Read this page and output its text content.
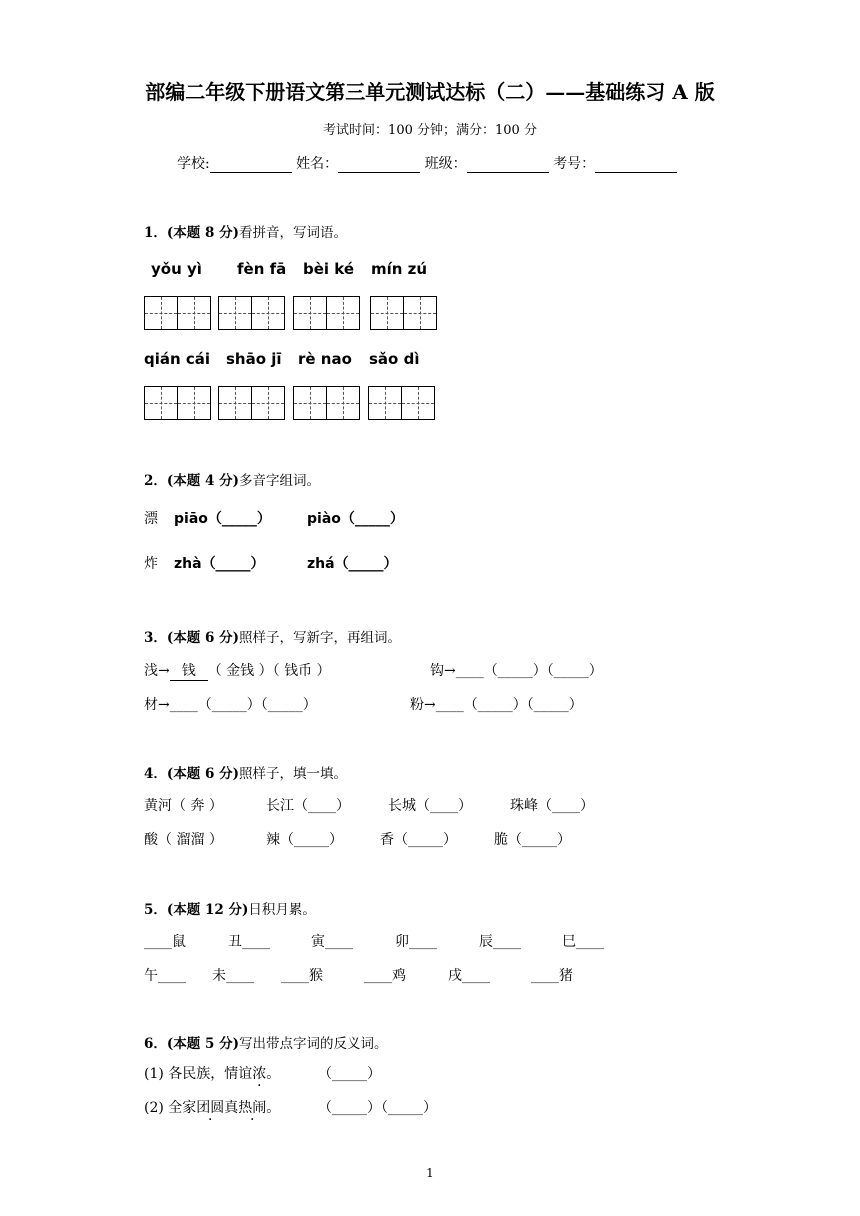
部编二年级下册语文第三单元测试达标（二）——基础练习 A 版
考试时间：100 分钟；满分：100 分
学校:	姓名：	班级：	考号：
1．(本题 8 分)看拼音，写词语。
yǒu yì fèn fā bèi ké mín zú
qián cái shāo jī rè nao sǎo dì
2．(本题 4 分)多音字组词。
漂 piāo（_____）	piào（_____）
炸 zhà（_____）	zhá（_____）
3．(本题 6 分)照样子，写新字，再组词。
浅→ 钱 （ 金钱 ）（ 钱币 ）	钩→____（_____）（_____）
材→____（_____）（_____）	粉→____（_____）（_____）
4．(本题 6 分)照样子，填一填。
黄河（ 奔 ）	长江（____）	长城（____）	珠峰（____）
酸（ 溜溜 ）	辣（_____）	香（_____）	脆（_____）
5．(本题 12 分)日积月累。
____鼠	丑____	寅____	卯____	辰____	巳____
午____ 未____ ____猴	____鸡	戌____	____猪
6．(本题 5 分)写出带点字词的反义词。
(1) 各民族，情谊浓。	（_____）
(2) 全家团圆真热闹。	（_____）（_____）
1
